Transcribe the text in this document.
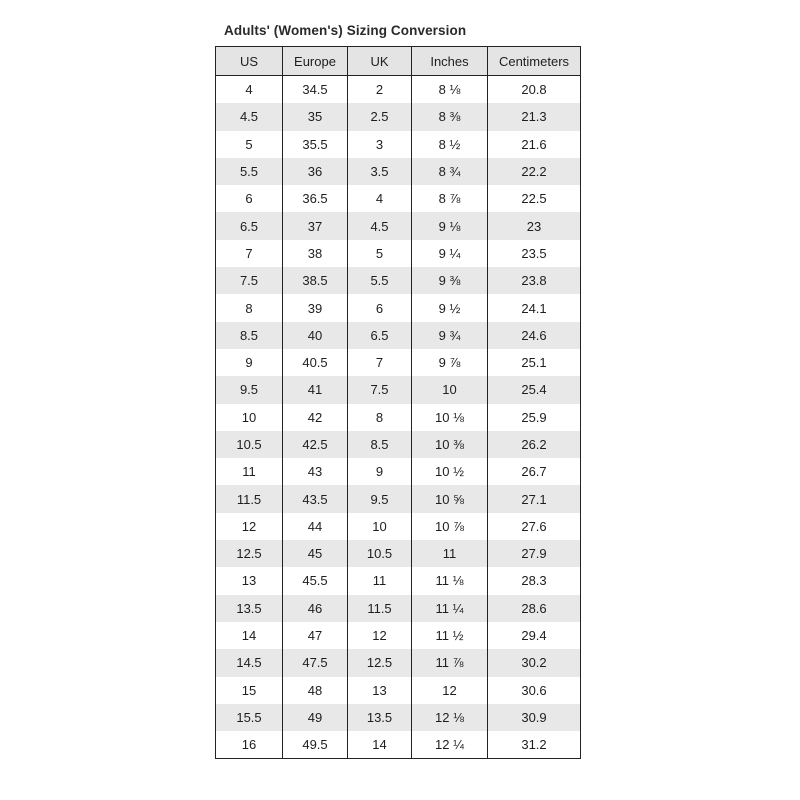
Adults' (Women's) Sizing Conversion
US	Europe	UK	Inches	Centimeters
4	34.5	2	8 ⅛	20.8
4.5	35	2.5	8 ⅜	21.3
5	35.5	3	8 ½	21.6
5.5	36	3.5	8 ¾	22.2
6	36.5	4	8 ⅞	22.5
6.5	37	4.5	9 ⅛	23
7	38	5	9 ¼	23.5
7.5	38.5	5.5	9 ⅜	23.8
8	39	6	9 ½	24.1
8.5	40	6.5	9 ¾	24.6
9	40.5	7	9 ⅞	25.1
9.5	41	7.5	10	25.4
10	42	8	10 ⅛	25.9
10.5	42.5	8.5	10 ⅜	26.2
11	43	9	10 ½	26.7
11.5	43.5	9.5	10 ⅝	27.1
12	44	10	10 ⅞	27.6
12.5	45	10.5	11	27.9
13	45.5	11	11 ⅛	28.3
13.5	46	11.5	11 ¼	28.6
14	47	12	11 ½	29.4
14.5	47.5	12.5	11 ⅞	30.2
15	48	13	12	30.6
15.5	49	13.5	12 ⅛	30.9
16	49.5	14	12 ¼	31.2
